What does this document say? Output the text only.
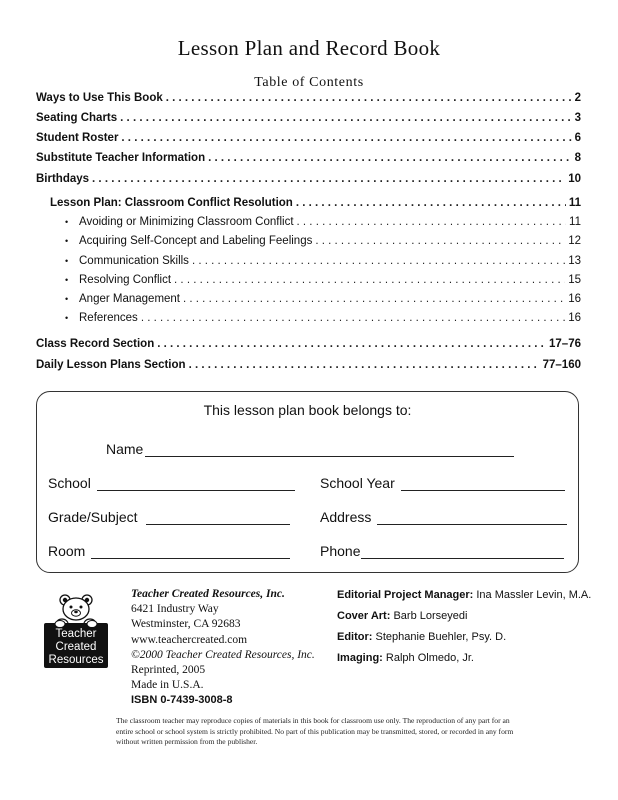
Lesson Plan and Record Book
Table of Contents
Ways to Use This Book . . .	2
Seating Charts . . .	3
Student Roster . . .	6
Substitute Teacher Information . . .	8
Birthdays . . .	10
Lesson Plan: Classroom Conflict Resolution . . .	11
• Avoiding or Minimizing Classroom Conflict . . .	11
• Acquiring Self-Concept and Labeling Feelings . . .	12
• Communication Skills . . .	13
• Resolving Conflict . . .	15
• Anger Management . . .	16
• References . . .	16
Class Record Section . . .	17–76
Daily Lesson Plans Section . . .	77–160
This lesson plan book belongs to:
Name
School	School Year
Grade/Subject	Address
Room	Phone
Teacher
Created
Resources
Teacher Created Resources, Inc.
6421 Industry Way
Westminster, CA 92683
www.teachercreated.com
©2000 Teacher Created Resources, Inc.
Reprinted, 2005
Made in U.S.A.
ISBN 0-7439-3008-8
Editorial Project Manager: Ina Massler Levin, M.A.
Cover Art: Barb Lorseyedi
Editor: Stephanie Buehler, Psy. D.
Imaging: Ralph Olmedo, Jr.
The classroom teacher may reproduce copies of materials in this book for classroom use only. The reproduction of any part for an entire school or school system is strictly prohibited. No part of this publication may be transmitted, stored, or recorded in any form without written permission from the publisher.
